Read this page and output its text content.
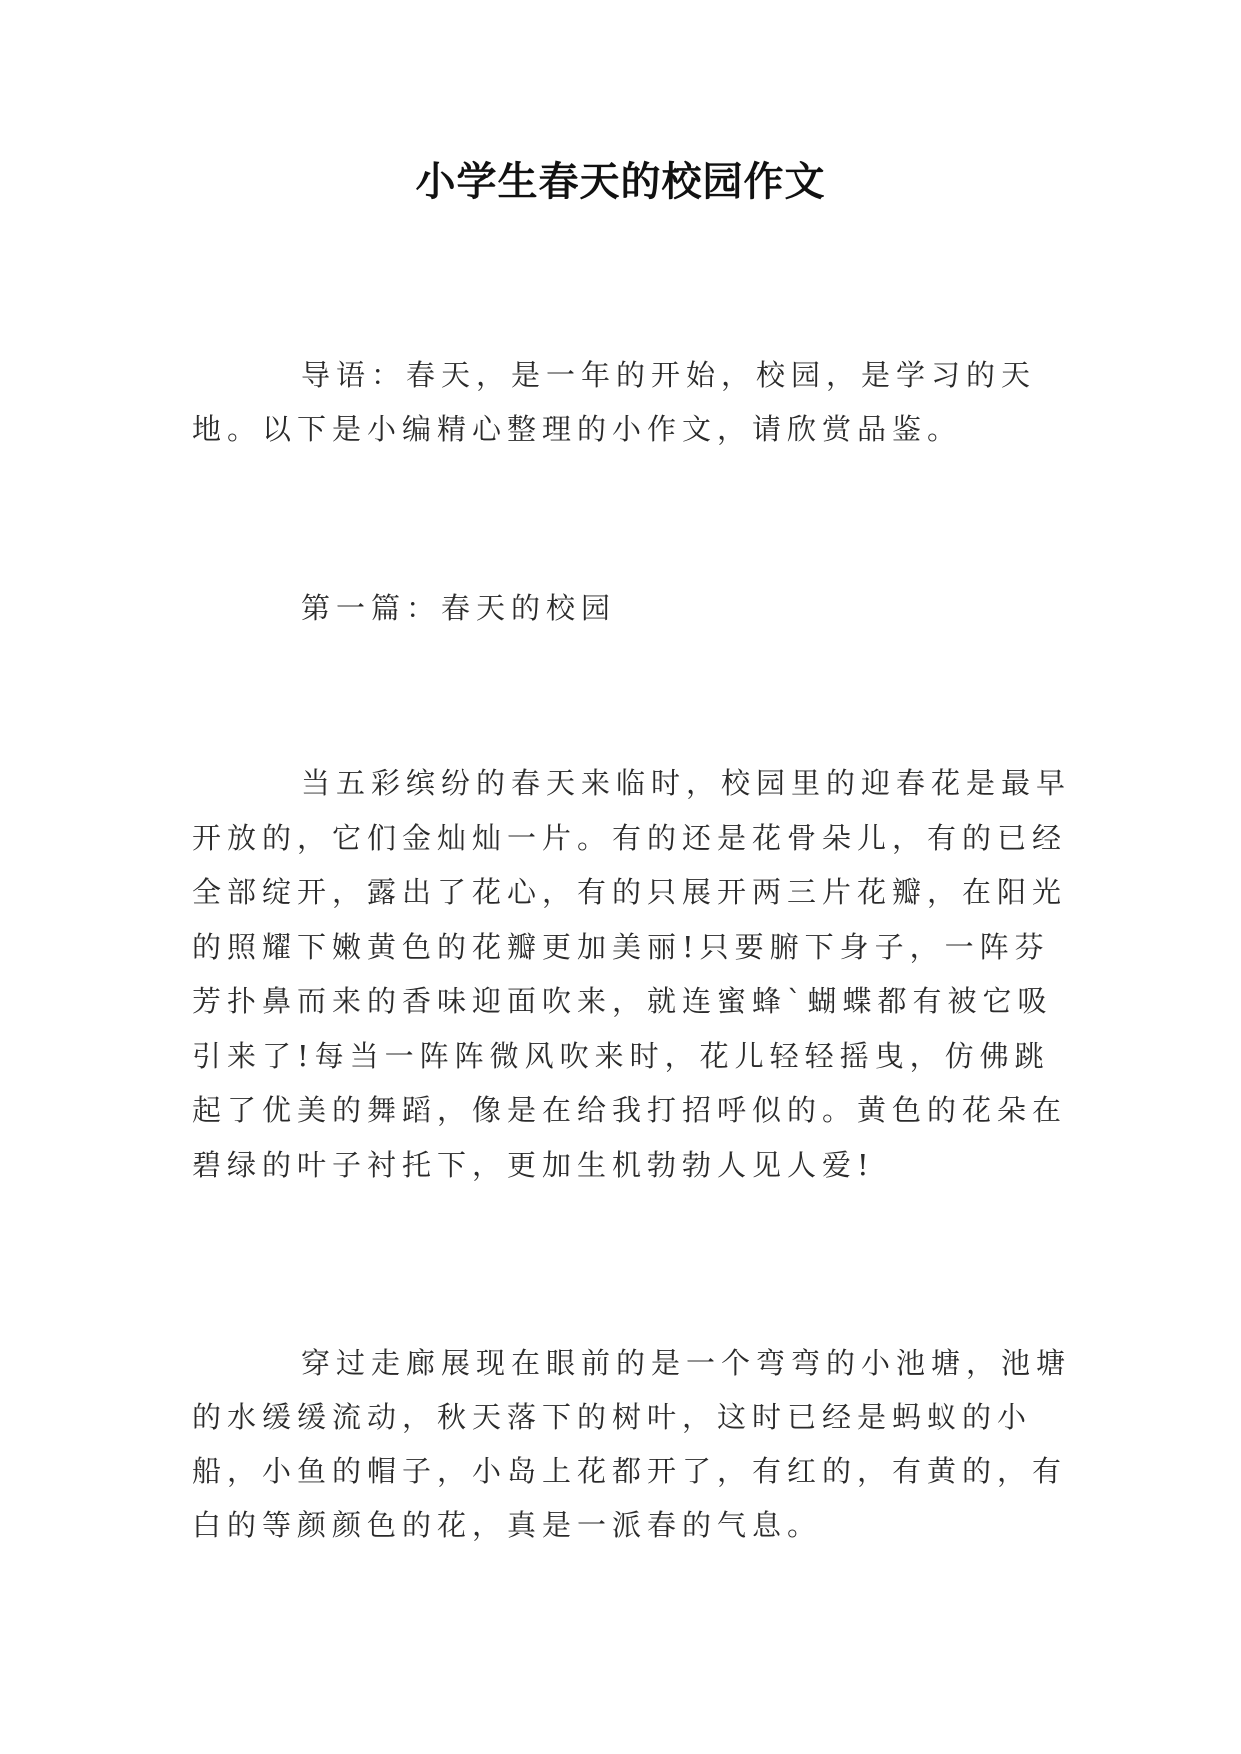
小学生春天的校园作文

导语：春天，是一年的开始，校园，是学习的天地。以下是小编精心整理的小作文，请欣赏品鉴。

第一篇：春天的校园

当五彩缤纷的春天来临时，校园里的迎春花是最早开放的，它们金灿灿一片。有的还是花骨朵儿，有的已经全部绽开，露出了花心，有的只展开两三片花瓣，在阳光的照耀下嫩黄色的花瓣更加美丽!只要腑下身子，一阵芬芳扑鼻而来的香味迎面吹来，就连蜜蜂`蝴蝶都有被它吸引来了!每当一阵阵微风吹来时，花儿轻轻摇曳，仿佛跳起了优美的舞蹈，像是在给我打招呼似的。黄色的花朵在碧绿的叶子衬托下，更加生机勃勃人见人爱!

穿过走廊展现在眼前的是一个弯弯的小池塘，池塘的水缓缓流动，秋天落下的树叶，这时已经是蚂蚁的小船，小鱼的帽子，小岛上花都开了，有红的，有黄的，有白的等颜颜色的花，真是一派春的气息。
